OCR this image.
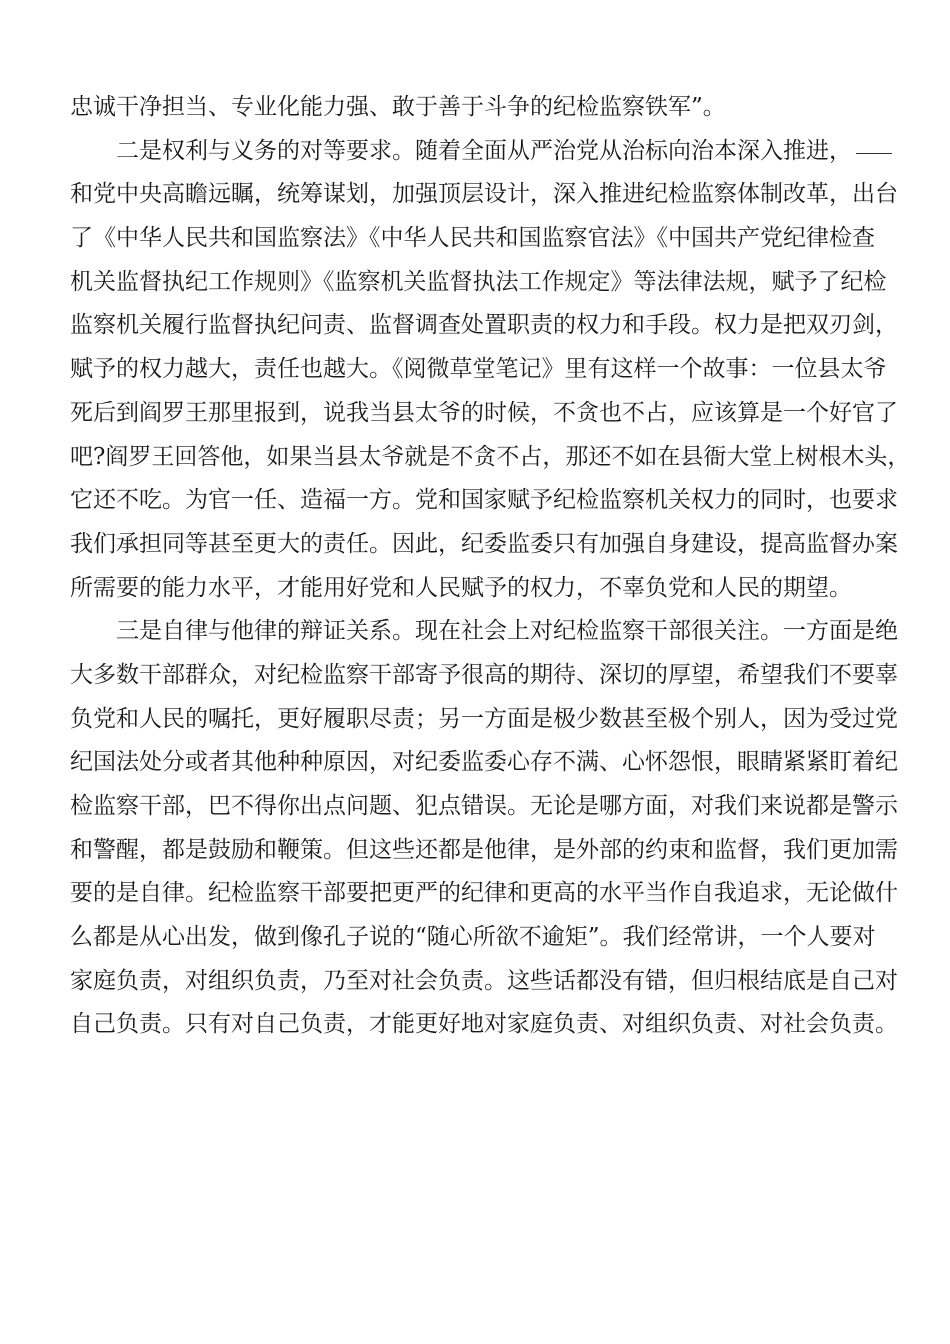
忠诚干净担当、专业化能力强、敢于善于斗争的纪检监察铁军”。
二是权利与义务的对等要求。随着全面从严治党从治标向治本深入推进，
和党中央高瞻远瞩，统筹谋划，加强顶层设计，深入推进纪检监察体制改革，出台
了《中华人民共和国监察法》《中华人民共和国监察官法》《中国共产党纪律检查
机关监督执纪工作规则》《监察机关监督执法工作规定》等法律法规，赋予了纪检
监察机关履行监督执纪问责、监督调查处置职责的权力和手段。权力是把双刃剑，
赋予的权力越大，责任也越大。《阅微草堂笔记》里有这样一个故事：一位县太爷
死后到阎罗王那里报到，说我当县太爷的时候，不贪也不占，应该算是一个好官了
吧?阎罗王回答他，如果当县太爷就是不贪不占，那还不如在县衙大堂上树根木头，
它还不吃。为官一任、造福一方。党和国家赋予纪检监察机关权力的同时，也要求
我们承担同等甚至更大的责任。因此，纪委监委只有加强自身建设，提高监督办案
所需要的能力水平，才能用好党和人民赋予的权力，不辜负党和人民的期望。
三是自律与他律的辩证关系。现在社会上对纪检监察干部很关注。一方面是绝
大多数干部群众，对纪检监察干部寄予很高的期待、深切的厚望，希望我们不要辜
负党和人民的嘱托，更好履职尽责；另一方面是极少数甚至极个别人，因为受过党
纪国法处分或者其他种种原因，对纪委监委心存不满、心怀怨恨，眼睛紧紧盯着纪
检监察干部，巴不得你出点问题、犯点错误。无论是哪方面，对我们来说都是警示
和警醒，都是鼓励和鞭策。但这些还都是他律，是外部的约束和监督，我们更加需
要的是自律。纪检监察干部要把更严的纪律和更高的水平当作自我追求，无论做什
么都是从心出发，做到像孔子说的“随心所欲不逾矩”。我们经常讲，一个人要对
家庭负责，对组织负责，乃至对社会负责。这些话都没有错，但归根结底是自己对
自己负责。只有对自己负责，才能更好地对家庭负责、对组织负责、对社会负责。
